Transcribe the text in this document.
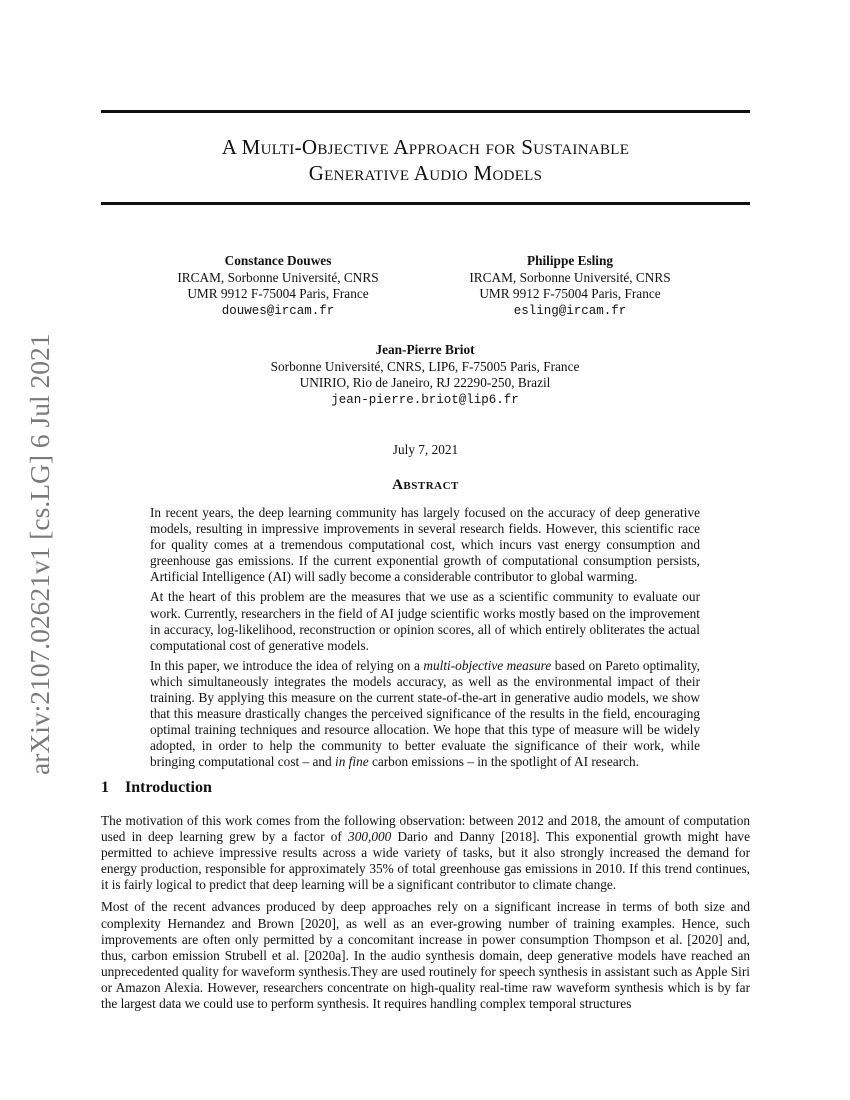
arXiv:2107.02621v1 [cs.LG] 6 Jul 2021
A Multi-Objective Approach for Sustainable
Generative Audio Models
Constance Douwes
IRCAM, Sorbonne Université, CNRS
UMR 9912 F-75004 Paris, France
douwes@ircam.fr
Philippe Esling
IRCAM, Sorbonne Université, CNRS
UMR 9912 F-75004 Paris, France
esling@ircam.fr
Jean-Pierre Briot
Sorbonne Université, CNRS, LIP6, F-75005 Paris, France
UNIRIO, Rio de Janeiro, RJ 22290-250, Brazil
jean-pierre.briot@lip6.fr
July 7, 2021
Abstract

In recent years, the deep learning community has largely focused on the accuracy of deep generative models, resulting in impressive improvements in several research fields. However, this scientific race for quality comes at a tremendous computational cost, which incurs vast energy consumption and greenhouse gas emissions. If the current exponential growth of computational consumption persists, Artificial Intelligence (AI) will sadly become a considerable contributor to global warming.

At the heart of this problem are the measures that we use as a scientific community to evaluate our work. Currently, researchers in the field of AI judge scientific works mostly based on the improvement in accuracy, log-likelihood, reconstruction or opinion scores, all of which entirely obliterates the actual computational cost of generative models.

In this paper, we introduce the idea of relying on a multi-objective measure based on Pareto optimality, which simultaneously integrates the models accuracy, as well as the environmental impact of their training. By applying this measure on the current state-of-the-art in generative audio models, we show that this measure drastically changes the perceived significance of the results in the field, encouraging optimal training techniques and resource allocation. We hope that this type of measure will be widely adopted, in order to help the community to better evaluate the significance of their work, while bringing computational cost – and in fine carbon emissions – in the spotlight of AI research.

1 Introduction

The motivation of this work comes from the following observation: between 2012 and 2018, the amount of computation used in deep learning grew by a factor of 300,000 Dario and Danny [2018]. This exponential growth might have permitted to achieve impressive results across a wide variety of tasks, but it also strongly increased the demand for energy production, responsible for approximately 35% of total greenhouse gas emissions in 2010. If this trend continues, it is fairly logical to predict that deep learning will be a significant contributor to climate change.

Most of the recent advances produced by deep approaches rely on a significant increase in terms of both size and complexity Hernandez and Brown [2020], as well as an ever-growing number of training examples. Hence, such improvements are often only permitted by a concomitant increase in power consumption Thompson et al. [2020] and, thus, carbon emission Strubell et al. [2020a]. In the audio synthesis domain, deep generative models have reached an unprecedented quality for waveform synthesis.They are used routinely for speech synthesis in assistant such as Apple Siri or Amazon Alexia. However, researchers concentrate on high-quality real-time raw waveform synthesis which is by far the largest data we could use to perform synthesis. It requires handling complex temporal structures
